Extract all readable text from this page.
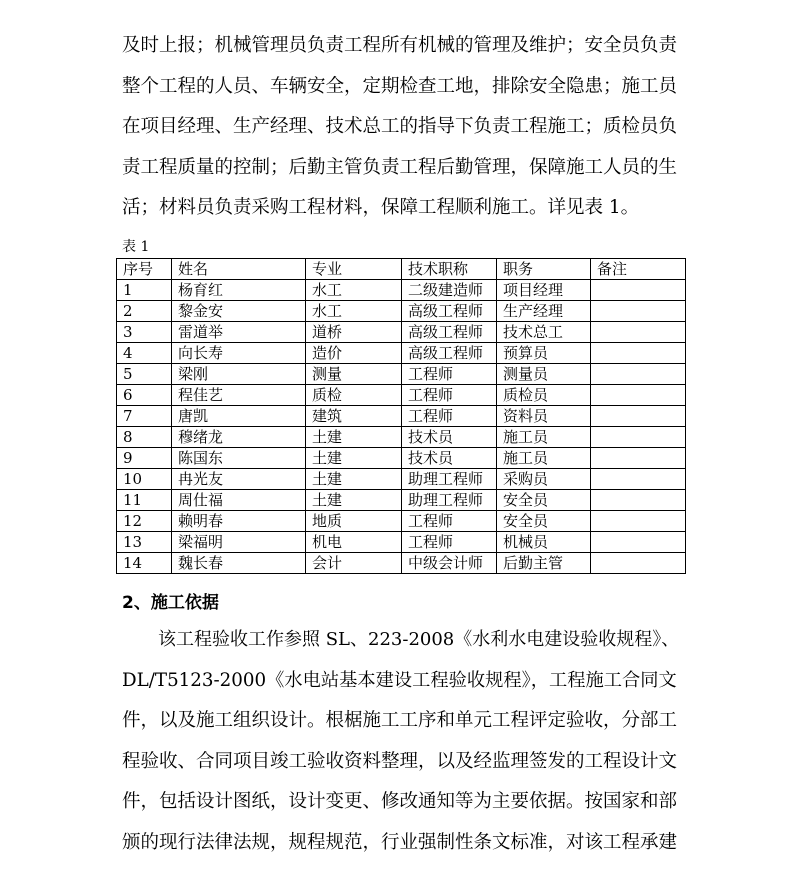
及时上报；机械管理员负责工程所有机械的管理及维护；安全员负责
整个工程的人员、车辆安全，定期检查工地，排除安全隐患；施工员
在项目经理、生产经理、技术总工的指导下负责工程施工；质检员负
责工程质量的控制；后勤主管负责工程后勤管理，保障施工人员的生
活；材料员负责采购工程材料，保障工程顺利施工。详见表 1。

表 1

序号	姓名	专业	技术职称	职务	备注
1	杨育红	水工	二级建造师	项目经理	
2	黎金安	水工	高级工程师	生产经理	
3	雷道举	道桥	高级工程师	技术总工	
4	向长寿	造价	高级工程师	预算员	
5	梁刚	测量	工程师	测量员	
6	程佳艺	质检	工程师	质检员	
7	唐凯	建筑	工程师	资料员	
8	穆绪龙	土建	技术员	施工员	
9	陈国东	土建	技术员	施工员	
10	冉光友	土建	助理工程师	采购员	
11	周仕福	土建	助理工程师	安全员	
12	赖明春	地质	工程师	安全员	
13	梁福明	机电	工程师	机械员	
14	魏长春	会计	中级会计师	后勤主管	

2、施工依据

　　该工程验收工作参照 SL、223-2008《水利水电建设验收规程》、
DL/T5123-2000《水电站基本建设工程验收规程》，工程施工合同文
件，以及施工组织设计。根椐施工工序和单元工程评定验收，分部工
程验收、合同项目竣工验收资料整理，以及经监理签发的工程设计文
件，包括设计图纸，设计变更、修改通知等为主要依据。按国家和部
颁的现行法律法规，规程规范，行业强制性条文标准，对该工程承建
